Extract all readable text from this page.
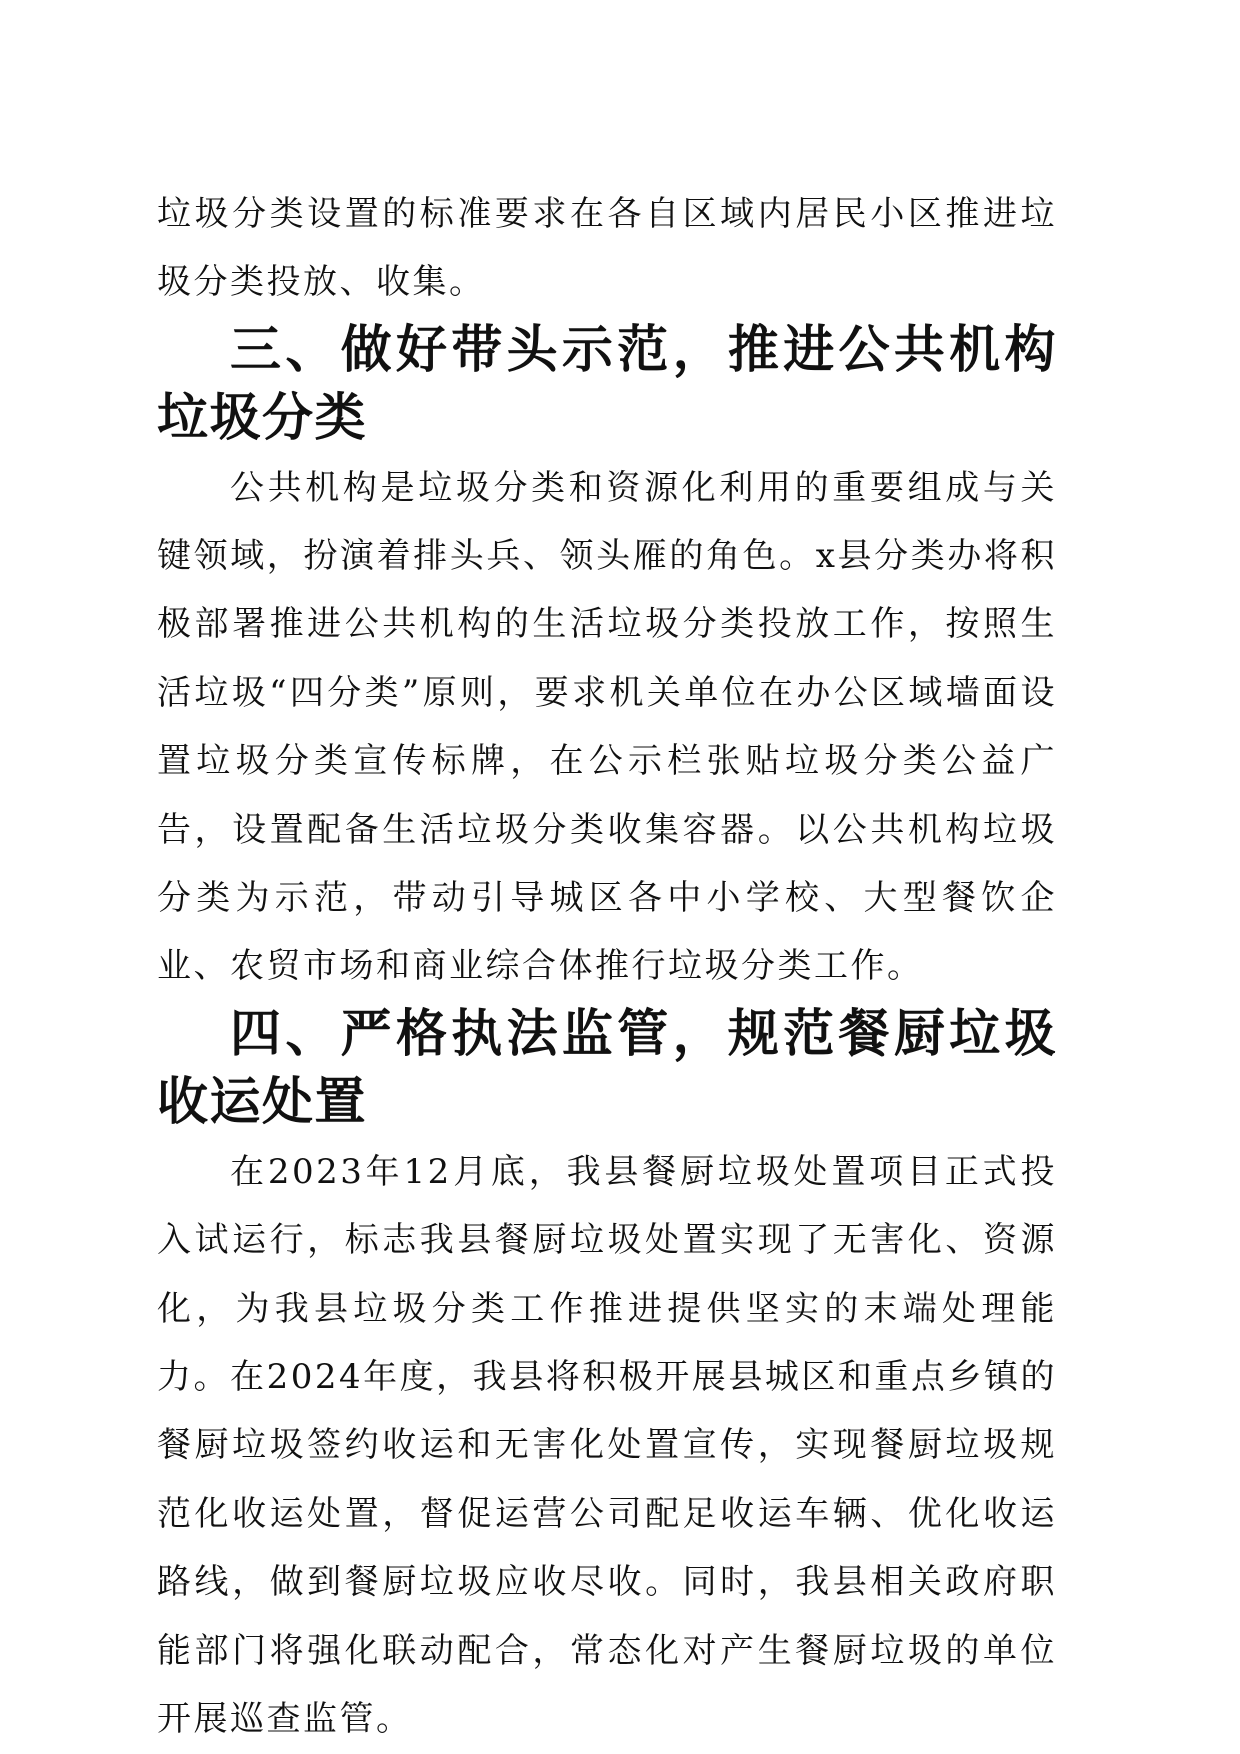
垃圾分类设置的标准要求在各自区域内居民小区推进垃圾分类投放、收集。

三、做好带头示范，推进公共机构垃圾分类

公共机构是垃圾分类和资源化利用的重要组成与关键领域，扮演着排头兵、领头雁的角色。x县分类办将积极部署推进公共机构的生活垃圾分类投放工作，按照生活垃圾“四分类”原则，要求机关单位在办公区域墙面设置垃圾分类宣传标牌，在公示栏张贴垃圾分类公益广告，设置配备生活垃圾分类收集容器。以公共机构垃圾分类为示范，带动引导城区各中小学校、大型餐饮企业、农贸市场和商业综合体推行垃圾分类工作。

四、严格执法监管，规范餐厨垃圾收运处置

在2023年12月底，我县餐厨垃圾处置项目正式投入试运行，标志我县餐厨垃圾处置实现了无害化、资源化，为我县垃圾分类工作推进提供坚实的末端处理能力。在2024年度，我县将积极开展县城区和重点乡镇的餐厨垃圾签约收运和无害化处置宣传，实现餐厨垃圾规范化收运处置，督促运营公司配足收运车辆、优化收运路线，做到餐厨垃圾应收尽收。同时，我县相关政府职能部门将强化联动配合，常态化对产生餐厨垃圾的单位开展巡查监管。
